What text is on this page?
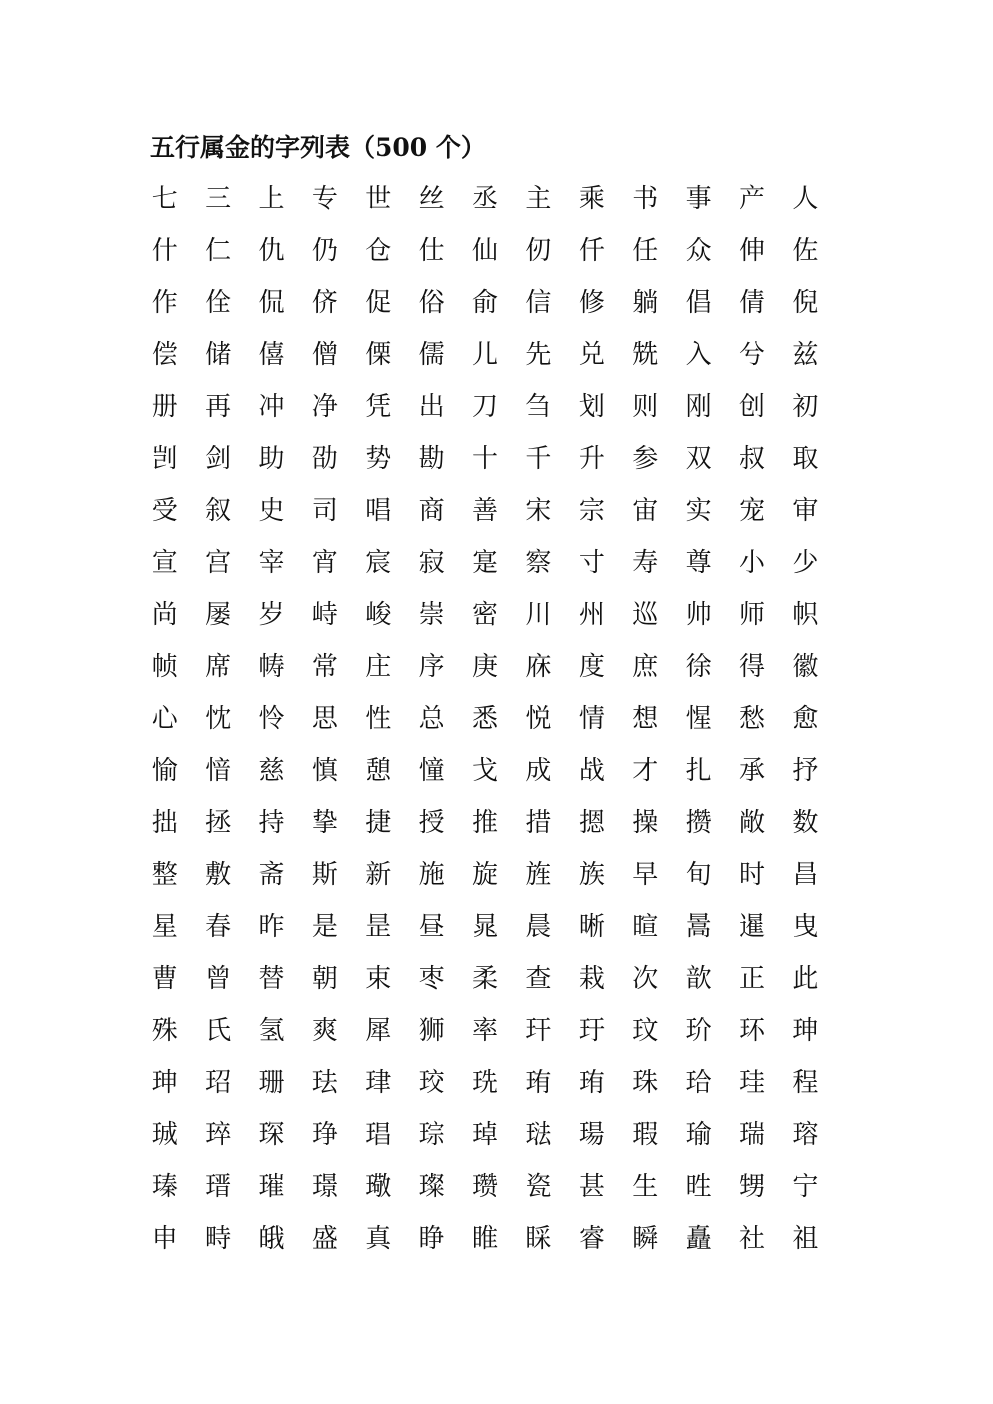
五行属金的字列表（500 个）
七	三	上	专	世	丝	丞	主	乘	书	事	产	人
什	仁	仇	仍	仓	仕	仙	仞	仟	任	众	伸	佐
作	佺	侃	侪	促	俗	俞	信	修	躺	倡	倩	倪
偿	储	僖	僧	傈	儒	儿	先	兑	兟	入	兮	兹
册	再	冲	净	凭	出	刀	刍	划	则	刚	创	初
剀	剑	助	劭	势	勘	十	千	升	参	双	叔	取
受	叙	史	司	唱	商	善	宋	宗	宙	实	宠	审
宣	宫	宰	宵	宸	寂	寔	察	寸	寿	尊	小	少
尚	屡	岁	峙	峻	崇	密	川	州	巡	帅	师	帜
帧	席	帱	常	庄	序	庚	庥	度	庶	徐	得	徽
心	忱	怜	思	性	总	悉	悦	情	想	惺	愁	愈
愉	愔	慈	慎	憩	憧	戈	成	战	才	扎	承	抒
拙	拯	持	挚	捷	授	推	措	摁	操	攒	敞	数
整	敷	斋	斯	新	施	旋	旌	族	早	旬	时	昌
星	春	昨	是	昰	昼	晁	晨	晰	暄	暠	暹	曳
曹	曾	替	朝	束	枣	柔	查	栽	次	歆	正	此
殊	氏	氢	爽	犀	狮	率	玕	玗	玟	玠	环	珅
珅	玿	珊	珐	珒	珓	珗	珛	珛	珠	珨	珪	程
珹	琗	琛	琤	琩	琮	琸	琺	瑒	瑕	瑜	瑞	瑢
瑧	瑨	璀	璟	璥	璨	瓒	瓷	甚	生	甠	甥	宁
申	畤	皒	盛	真	睁	睢	睬	睿	瞬	矗	社	祖
